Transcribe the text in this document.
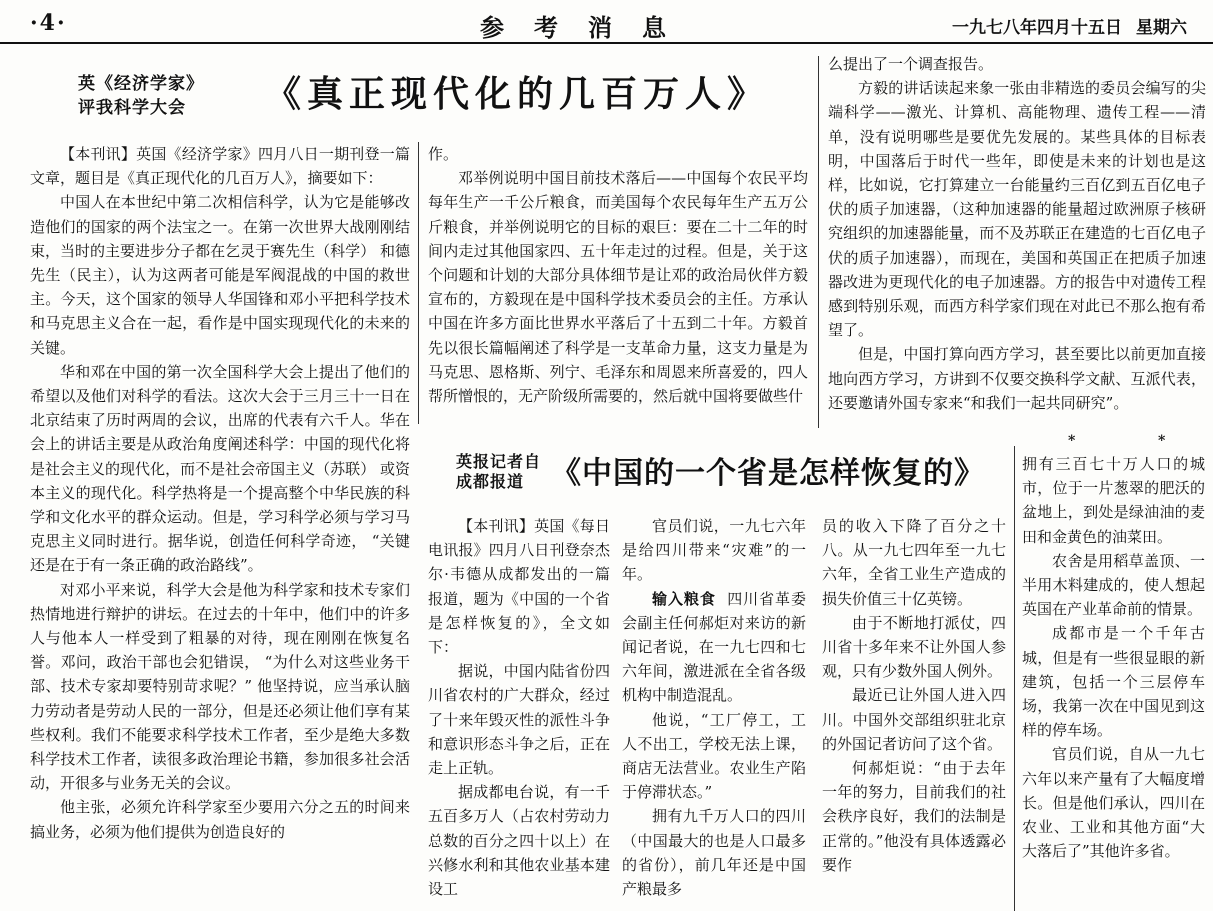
·4·	参考消息	一九七八年四月十五日 星期六
英《经济学家》
评我科学大会	《真正现代化的几百万人》

【本刊讯】英国《经济学家》四月八日一期刊登一篇文章，题目是《真正现代化的几百万人》，摘要如下：

中国人在本世纪中第二次相信科学，认为它是能够改造他们的国家的两个法宝之一。在第一次世界大战刚刚结束，当时的主要进步分子都在乞灵于赛先生（科学） 和德先生（民主），认为这两者可能是军阀混战的中国的救世主。今天，这个国家的领导人华国锋和邓小平把科学技术和马克思主义合在一起，看作是中国实现现代化的未来的关键。

华和邓在中国的第一次全国科学大会上提出了他们的希望以及他们对科学的看法。这次大会于三月三十一日在北京结束了历时两周的会议，出席的代表有六千人。华在会上的讲话主要是从政治角度阐述科学：中国的现代化将是社会主义的现代化，而不是社会帝国主义（苏联） 或资本主义的现代化。科学热将是一个提高整个中华民族的科学和文化水平的群众运动。但是，学习科学必须与学习马克思主义同时进行。据华说，创造任何科学奇迹， “关键还是在于有一条正确的政治路线”。

对邓小平来说，科学大会是他为科学家和技术专家们热情地进行辩护的讲坛。在过去的十年中，他们中的许多人与他本人一样受到了粗暴的对待，现在刚刚在恢复名誉。邓问，政治干部也会犯错误， “为什么对这些业务干部、技术专家却要特别苛求呢？” 他坚持说，应当承认脑力劳动者是劳动人民的一部分，但是还必须让他们享有某些权利。我们不能要求科学技术工作者，至少是绝大多数科学技术工作者，读很多政治理论书籍，参加很多社会活动，开很多与业务无关的会议。

他主张，必须允许科学家至少要用六分之五的时间来搞业务，必须为他们提供为创造良好的

作。

邓举例说明中国目前技术落后——中国每个农民平均每年生产一千公斤粮食，而美国每个农民每年生产五万公斤粮食，并举例说明它的目标的艰巨：要在二十二年的时间内走过其他国家四、五十年走过的过程。但是，关于这个问题和计划的大部分具体细节是让邓的政治局伙伴方毅宣布的，方毅现在是中国科学技术委员会的主任。方承认中国在许多方面比世界水平落后了十五到二十年。方毅首先以很长篇幅阐述了科学是一支革命力量，这支力量是为马克思、恩格斯、列宁、毛泽东和周恩来所喜爱的，四人帮所憎恨的，无产阶级所需要的，然后就中国将要做些什

么提出了一个调查报告。

方毅的讲话读起来象一张由非精选的委员会编写的尖端科学——激光、计算机、高能物理、遗传工程——清单，没有说明哪些是要优先发展的。某些具体的目标表明，中国落后于时代一些年，即使是未来的计划也是这样，比如说，它打算建立一台能量约三百亿到五百亿电子伏的质子加速器，（这种加速器的能量超过欧洲原子核研究组织的加速器能量，而不及苏联正在建造的七百亿电子伏的质子加速器），而现在，美国和英国正在把质子加速器改进为更现代化的电子加速器。方的报告中对遗传工程感到特别乐观，而西方科学家们现在对此已不那么抱有希望了。

但是，中国打算向西方学习，甚至要比以前更加直接地向西方学习，方讲到不仅要交换科学文献、互派代表，还要邀请外国专家来“和我们一起共同研究”。

*	*
英报记者自
成都报道 《中国的一个省是怎样恢复的》

【本刊讯】英国《每日电讯报》四月八日刊登奈杰尔·韦德从成都发出的一篇报道，题为《中国的一个省是怎样恢复的》，全文如下：

据说，中国内陆省份四川省农村的广大群众，经过了十来年毁灭性的派性斗争和意识形态斗争之后，正在走上正轨。

据成都电台说，有一千五百多万人（占农村劳动力总数的百分之四十以上）在兴修水利和其他农业基本建设工

官员们说，一九七六年是给四川带来“灾难”的一年。

输入粮食 四川省革委会副主任何郝炬对来访的新闻记者说，在一九七四和七六年间，激进派在全省各级机构中制造混乱。

他说，“工厂停工，工人不出工，学校无法上课，商店无法营业。农业生产陷于停滞状态。”

拥有九千万人口的四川（中国最大的也是人口最多的省份），前几年还是中国产粮最多

员的收入下降了百分之十八。从一九七四年至一九七六年，全省工业生产造成的损失价值三十亿英镑。

由于不断地打派仗，四川省十多年来不让外国人参观，只有少数外国人例外。

最近已让外国人进入四川。中国外交部组织驻北京的外国记者访问了这个省。

何郝炬说：“由于去年一年的努力，目前我们的社会秩序良好，我们的法制是正常的。”他没有具体透露必要作

拥有三百七十万人口的城市，位于一片葱翠的肥沃的盆地上，到处是绿油油的麦田和金黄色的油菜田。

农舍是用稻草盖顶、一半用木料建成的，使人想起英国在产业革命前的情景。

成都市是一个千年古城，但是有一些很显眼的新建筑，包括一个三层停车场，我第一次在中国见到这样的停车场。

官员们说，自从一九七六年以来产量有了大幅度增长。但是他们承认，四川在农业、工业和其他方面“大大落后了”其他许多省。
